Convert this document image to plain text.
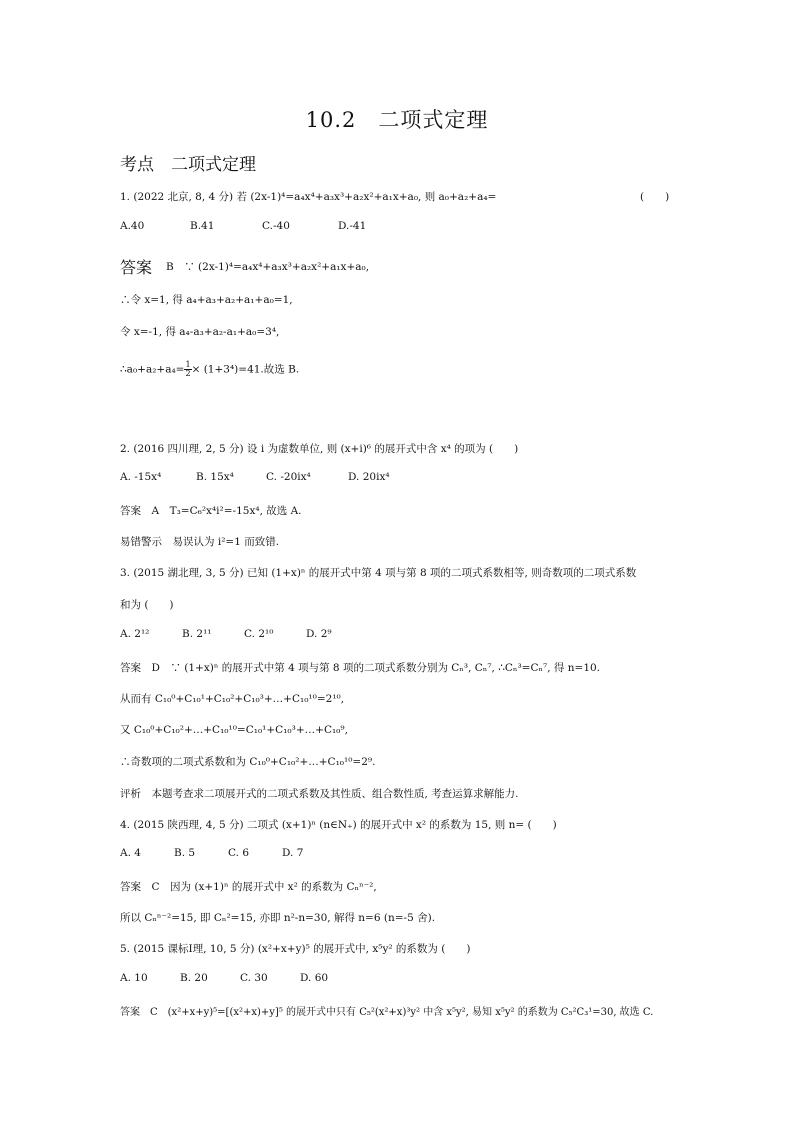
10.2　二项式定理
考点　二项式定理
1. (2022 北京, 8, 4 分) 若 (2x-1)⁴=a₄x⁴+a₃x³+a₂x²+a₁x+a₀, 则 a₀+a₂+a₄=	(　　)
A.40	B.41	C.-40	D.-41
答案 B　∵ (2x-1)⁴=a₄x⁴+a₃x³+a₂x²+a₁x+a₀,
∴令 x=1, 得 a₄+a₃+a₂+a₁+a₀=1,
令 x=-1, 得 a₄-a₃+a₂-a₁+a₀=3⁴,
∴a₀+a₂+a₄= $\frac{1}{2} \times (1+3^4)=41$.故选 B.
2. (2016 四川理, 2, 5 分) 设 i 为虚数单位, 则 (x+i)⁶ 的展开式中含 x⁴ 的项为 (　　)
A. -15x⁴	B. 15x⁴	C. -20ix⁴	D. 20ix⁴
答案　A　T₃=C₆²x⁴i²=-15x⁴, 故选 A.
易错警示　易误认为 i²=1 而致错.
3. (2015 湖北理, 3, 5 分) 已知 (1+x)ⁿ 的展开式中第 4 项与第 8 项的二项式系数相等, 则奇数项的二项式系数
和为 (　　)
A. 2¹²	B. 2¹¹	C. 2¹⁰	D. 2⁹
答案　D　∵ (1+x)ⁿ 的展开式中第 4 项与第 8 项的二项式系数分别为 Cₙ³, Cₙ⁷, ∴Cₙ³=Cₙ⁷, 得 n=10.
从而有 C₁₀⁰+C₁₀¹+C₁₀²+C₁₀³+…+C₁₀¹⁰=2¹⁰,
又 C₁₀⁰+C₁₀²+…+C₁₀¹⁰=C₁₀¹+C₁₀³+…+C₁₀⁹,
∴奇数项的二项式系数和为 C₁₀⁰+C₁₀²+…+C₁₀¹⁰=2⁹.
评析　本题考查求二项展开式的二项式系数及其性质、组合数性质, 考查运算求解能力.
4. (2015 陕西理, 4, 5 分) 二项式 (x+1)ⁿ (n∈N₊) 的展开式中 x² 的系数为 15, 则 n= (　　)
A. 4	B. 5	C. 6	D. 7
答案　C　因为 (x+1)ⁿ 的展开式中 x² 的系数为 Cₙⁿ⁻²,
所以 Cₙⁿ⁻²=15, 即 Cₙ²=15, 亦即 n²-n=30, 解得 n=6 (n=-5 舍).
5. (2015 课标Ⅰ理, 10, 5 分) (x²+x+y)⁵ 的展开式中, x⁵y² 的系数为 (　　)
A. 10	B. 20	C. 30	D. 60
答案　C　(x²+x+y)⁵=[(x²+x)+y]⁵ 的展开式中只有 C₅²(x²+x)³y² 中含 x⁵y², 易知 x⁵y² 的系数为 C₅²C₃¹=30, 故选 C.
